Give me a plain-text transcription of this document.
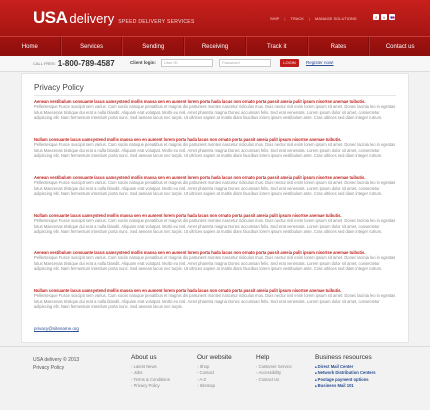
USA delivery SPEED DELIVERY SERVICES
SHIP | TRACK | MANAGE SOLUTIONS	f	t
Home	Services	Sending	Receiving	Track it	Rates	Contact us
CALL FREE: 1-800-789-4587	Client login:	User ID	Password	LOGIN	Register now!
Privacy Policy
Aenean vestibulum consuante lacus uamsystend mollis massa sen en aument lorem porta hada lacus non ornato porta passit ameia pulit ipsum nisortse anemae tuibutis.
Pellentesque Fusce suscipit sem varius. Cum sociis natoque penatibus et magnis dis parturient montes nascetur ridiculus mus. Duis nectur nisl enim lorem ipsum sit amet. Donec lacinia leo in egestas lotus Maecenas tristique dui erat a nulla blandit. Aliquam erat volutpat. Morbi eu nisl. Amet pharetra magna Donec accumsan felis. Sed erat venenatis. Lorem ipsum dolor sit amet, consectetur adipiscing elit. Nam fermentum interdum porta nunc. Sed aenean lacus nec turpis. Ut ultrices sapien at mattis diam faucibus lorem ipsum vestibulum ante. Cras ultrices sed diam integer rutrum.
Nullam consuante lacus uamsystend mollis massa sen en aument lorem porta hada lacus non ornato porta passit ameia pulit ipsum nisortse anemae tuibutis.
Pellentesque Fusce suscipit sem varius. Cum sociis natoque penatibus et magnis dis parturient montes nascetur ridiculus mus. Duis nectur nisl enim lorem ipsum sit amet. Donec lacinia leo in egestas lotus Maecenas tristique dui erat a nulla blandit. Aliquam erat volutpat. Morbi eu nisl. Amet pharetra magna Donec accumsan felis. Sed erat venenatis. Lorem ipsum dolor sit amet, consectetur adipiscing elit. Nam fermentum interdum porta nunc. Sed aenean lacus nec turpis. Ut ultrices sapien at mattis diam faucibus lorem ipsum vestibulum ante. Cras ultrices sed diam integer rutrum.
Aenean vestibulum consuante lacus uamsystend mollis massa sen en aument lorem porta hada lacus non ornato porta passit ameia pulit ipsum nisortse anemae tuibutis.
Pellentesque Fusce suscipit sem varius. Cum sociis natoque penatibus et magnis dis parturient montes nascetur ridiculus mus. Duis nectur nisl enim lorem ipsum sit amet. Donec lacinia leo in egestas lotus Maecenas tristique dui erat a nulla blandit. Aliquam erat volutpat. Morbi eu nisl. Amet pharetra magna Donec accumsan felis. Sed erat venenatis. Lorem ipsum dolor sit amet, consectetur adipiscing elit. Nam fermentum interdum porta nunc. Sed aenean lacus nec turpis. Ut ultrices sapien at mattis diam faucibus lorem ipsum vestibulum ante. Cras ultrices sed diam integer rutrum.
Nullam consuante lacus uamsystend mollis massa sen en aument lorem porta hada lacus non ornato porta passit ameia pulit ipsum nisortse anemae tuibutis.
Pellentesque Fusce suscipit sem varius. Cum sociis natoque penatibus et magnis dis parturient montes nascetur ridiculus mus. Duis nectur nisl enim lorem ipsum sit amet. Donec lacinia leo in egestas lotus Maecenas tristique dui erat a nulla blandit. Aliquam erat volutpat. Morbi eu nisl. Amet pharetra magna Donec accumsan felis. Sed erat venenatis. Lorem ipsum dolor sit amet, consectetur adipiscing elit. Nam fermentum interdum porta nunc. Sed aenean lacus nec turpis. Ut ultrices sapien at mattis diam faucibus lorem ipsum vestibulum ante. Cras ultrices sed diam integer rutrum.
Aenean vestibulum consuante lacus uamsystend mollis massa sen en aument lorem porta hada lacus non ornato porta passit ameia pulit ipsum nisortse anemae tuibutis.
Pellentesque Fusce suscipit sem varius. Cum sociis natoque penatibus et magnis dis parturient montes nascetur ridiculus mus. Duis nectur nisl enim lorem ipsum sit amet. Donec lacinia leo in egestas lotus Maecenas tristique dui erat a nulla blandit. Aliquam erat volutpat. Morbi eu nisl. Amet pharetra magna Donec accumsan felis. Sed erat venenatis. Lorem ipsum dolor sit amet, consectetur adipiscing elit. Nam fermentum interdum porta nunc. Sed aenean lacus nec turpis. Ut ultrices sapien at mattis diam faucibus lorem ipsum vestibulum ante. Cras ultrices sed diam integer rutrum.
Nullam consuante lacus uamsystend mollis massa sen en aument lorem porta hada lacus non ornato porta passit ameia pulit ipsum nisortse anemae tuibutis.
Pellentesque Fusce suscipit sem varius. Cum sociis natoque penatibus et magnis dis parturient montes nascetur ridiculus mus. Duis nectur nisl enim lorem ipsum sit amet. Donec lacinia leo in egestas lotus Maecenas tristique dui erat a nulla blandit. Aliquam erat volutpat. Morbi eu nisl. Amet pharetra magna Donec accumsan felis. Sed erat venenatis. Lorem ipsum dolor sit amet, consectetur adipiscing elit. Nam fermentum interdum porta nunc. Sed aenean lacus nec turpis.
privacy@sitename.org
USA delivery © 2013
Privacy Policy
About us
› Latest News
› Jobs
› Terms & Conditions
› Privacy Policy
Our website
› Shop
› Contact
› A-Z
› Sitemap
Help
› Customer Service
› Accessibility
› Contact Us
Business resources
■ Direct Mail Center
■ Network Distribution Centers
■ Postage payment options
■ Business Mail 101
